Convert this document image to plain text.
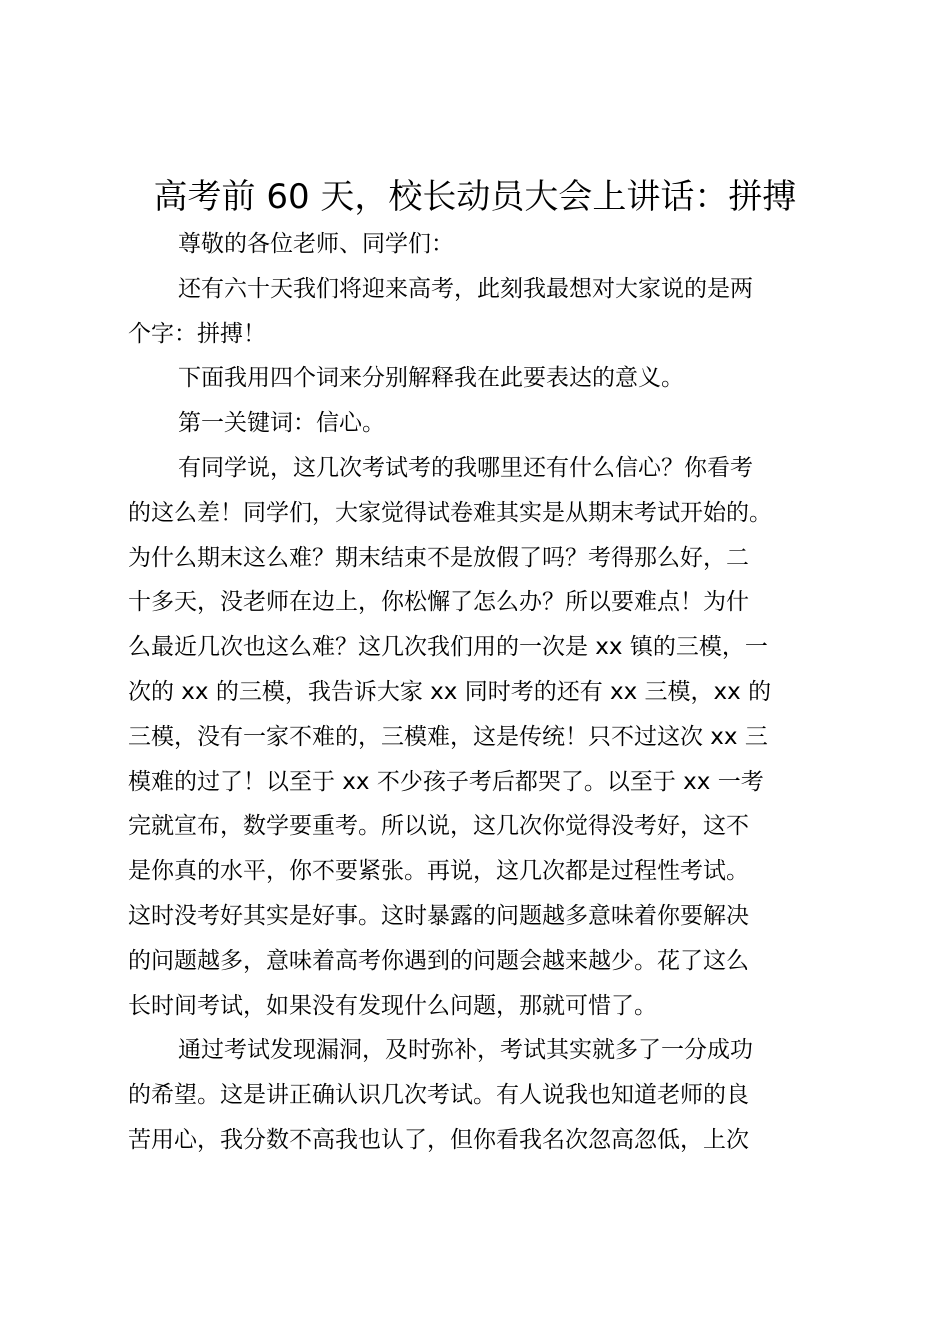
高考前 60 天，校长动员大会上讲话：拼搏

尊敬的各位老师、同学们：

还有六十天我们将迎来高考，此刻我最想对大家说的是两
个字：拼搏！

下面我用四个词来分别解释我在此要表达的意义。

第一关键词：信心。

有同学说，这几次考试考的我哪里还有什么信心？你看考
的这么差！同学们，大家觉得试卷难其实是从期末考试开始的。
为什么期末这么难？期末结束不是放假了吗？考得那么好，二
十多天，没老师在边上，你松懈了怎么办？所以要难点！为什
么最近几次也这么难？这几次我们用的一次是 xx 镇的三模，一
次的 xx 的三模，我告诉大家 xx 同时考的还有 xx 三模，xx 的
三模，没有一家不难的，三模难，这是传统！只不过这次 xx 三
模难的过了！以至于 xx 不少孩子考后都哭了。以至于 xx 一考
完就宣布，数学要重考。所以说，这几次你觉得没考好，这不
是你真的水平，你不要紧张。再说，这几次都是过程性考试。
这时没考好其实是好事。这时暴露的问题越多意味着你要解决
的问题越多，意味着高考你遇到的问题会越来越少。花了这么
长时间考试，如果没有发现什么问题，那就可惜了。

通过考试发现漏洞，及时弥补，考试其实就多了一分成功
的希望。这是讲正确认识几次考试。有人说我也知道老师的良
苦用心，我分数不高我也认了，但你看我名次忽高忽低，上次
